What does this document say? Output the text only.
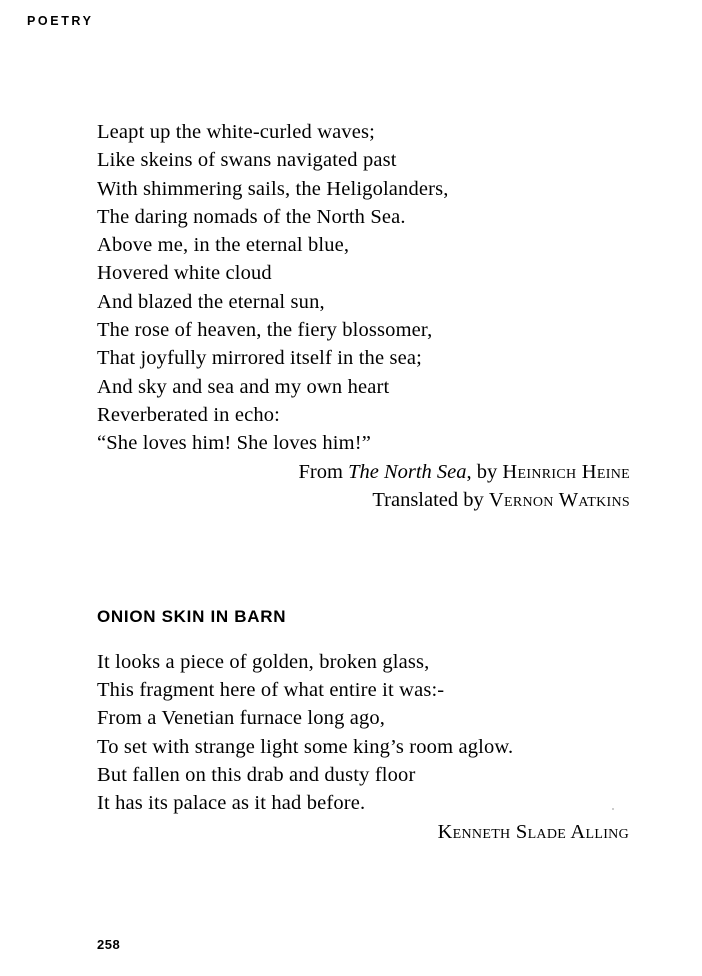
POETRY
Leapt up the white-curled waves;
Like skeins of swans navigated past
With shimmering sails, the Heligolanders,
The daring nomads of the North Sea.
Above me, in the eternal blue,
Hovered white cloud
And blazed the eternal sun,
The rose of heaven, the fiery blossomer,
That joyfully mirrored itself in the sea;
And sky and sea and my own heart
Reverberated in echo:
“She loves him! She loves him!”
From The North Sea, by Heinrich Heine
Translated by Vernon Watkins
ONION SKIN IN BARN
It looks a piece of golden, broken glass,
This fragment here of what entire it was:-
From a Venetian furnace long ago,
To set with strange light some king’s room aglow.
But fallen on this drab and dusty floor
It has its palace as it had before.
Kenneth Slade Alling
258
